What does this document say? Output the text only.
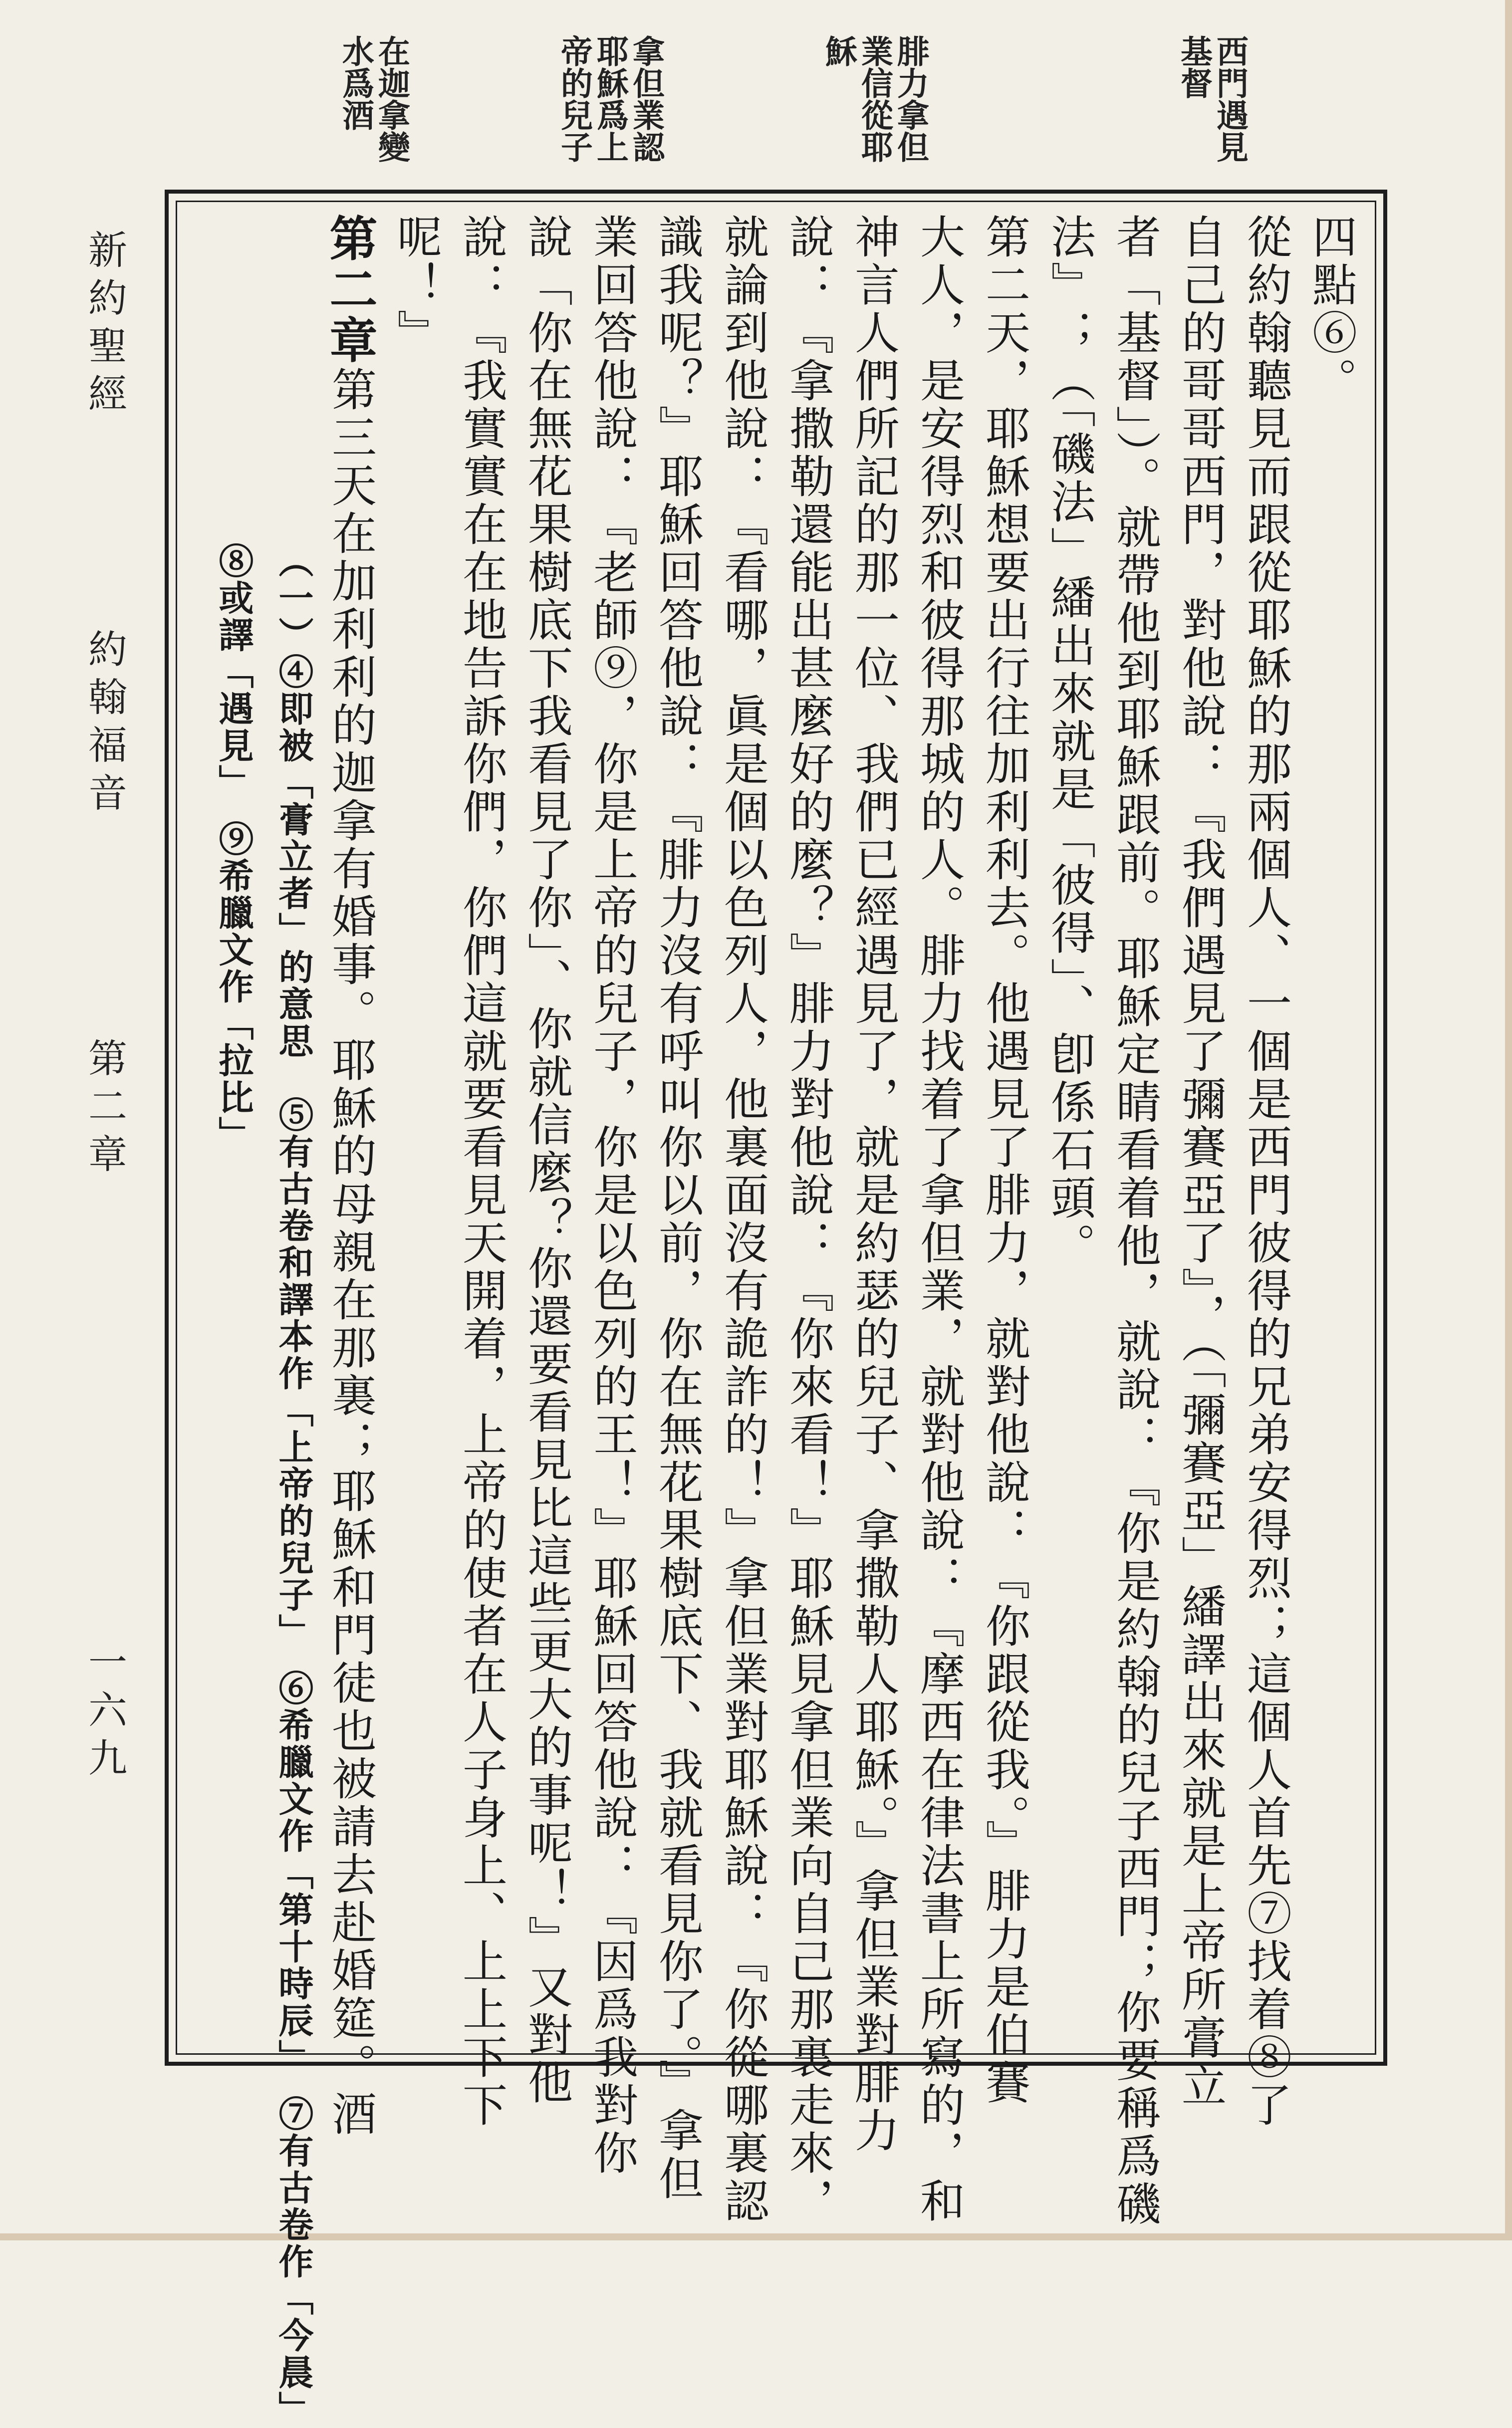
新約聖經
約翰福音
第二章
一六九
西門遇見
基督
腓力拿但
業信從耶
穌
拿但業認
耶穌爲上
帝的兒子
在迦拿變
水爲酒
四點⑥。
從約翰聽見而跟從耶穌的那兩個人、一個是西門彼得的兄弟安得烈；這個人首先⑦找着⑧了
自己的哥哥西門，對他說：『我們遇見了彌賽亞了』，（「彌賽亞」繙譯出來就是上帝所膏立
者「基督」）。就帶他到耶穌跟前。耶穌定睛看着他，就說：『你是約翰的兒子西門；你要稱爲磯
法』；（「磯法」繙出來就是「彼得」、卽係石頭。
第二天，耶穌想要出行往加利利去。他遇見了腓力，就對他說：『你跟從我。』腓力是伯賽
大人，是安得烈和彼得那城的人。腓力找着了拿但業，就對他說：『摩西在律法書上所寫的，和
神言人們所記的那一位、我們已經遇見了，就是約瑟的兒子、拿撒勒人耶穌。』拿但業對腓力
說：『拿撒勒還能出甚麼好的麼？』腓力對他說：『你來看！』耶穌見拿但業向自己那裏走來，
就論到他說：『看哪，眞是個以色列人，他裏面沒有詭詐的！』拿但業對耶穌說：『你從哪裏認
識我呢？』耶穌回答他說：『腓力沒有呼叫你以前，你在無花果樹底下、我就看見你了。』拿但
業回答他說：『老師⑨，你是上帝的兒子，你是以色列的王！』耶穌回答他說：『因爲我對你
說「你在無花果樹底下我看見了你」、你就信麼？你還要看見比這些更大的事呢！』又對他
說：『我實實在在地告訴你們，你們這就要看見天開着，上帝的使者在人子身上、上上下下
呢！』
第二章第三天在加利利的迦拿有婚事。耶穌的母親在那裏；耶穌和門徒也被請去赴婚筵。酒
（一）④即被「膏立者」的意思　⑤有古卷和譯本作「上帝的兒子」　⑥希臘文作「第十時辰」　⑦有古卷作「今晨」
⑧或譯「遇見」　⑨希臘文作「拉比」
